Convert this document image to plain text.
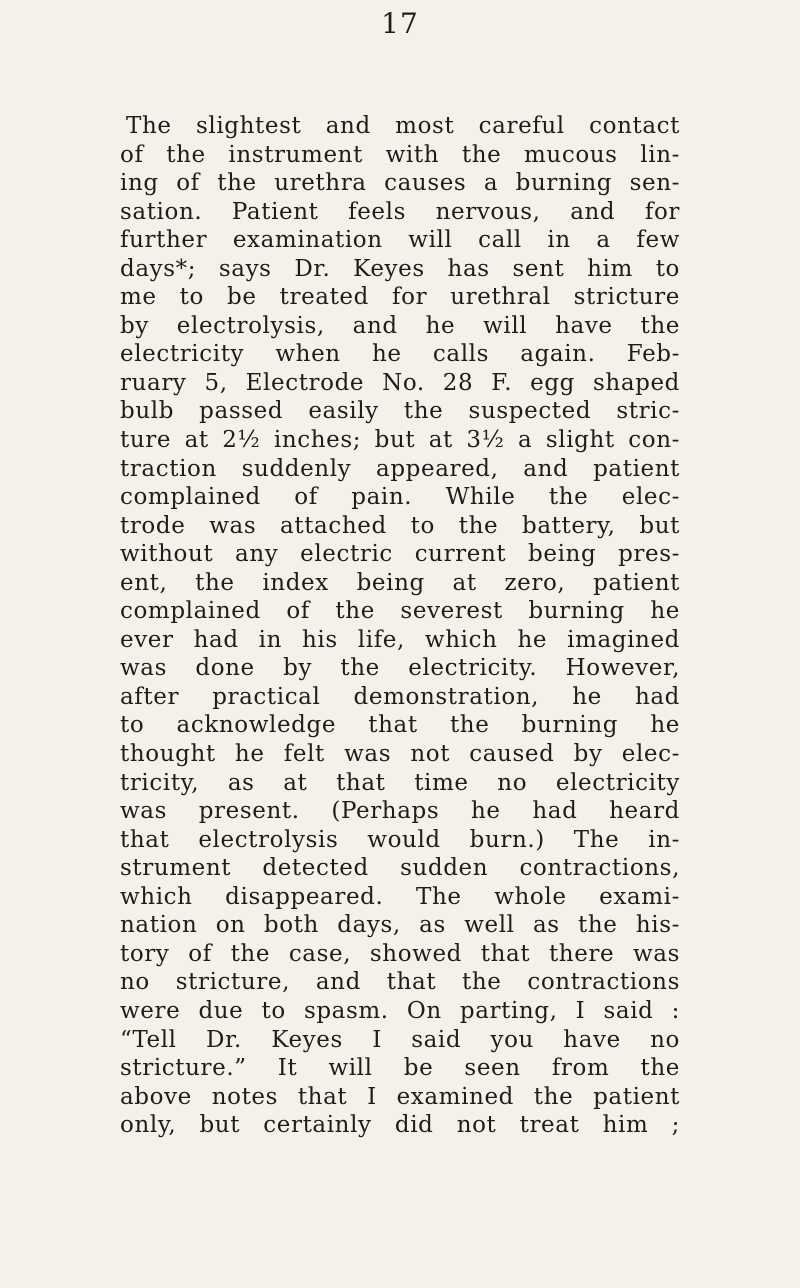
17
The slightest and most careful contact
of the instrument with the mucous lin-
ing of the urethra causes a burning sen-
sation. Patient feels nervous, and for
further examination will call in a few
days*; says Dr. Keyes has sent him to
me to be treated for urethral stricture
by electrolysis, and he will have the
electricity when he calls again. Feb-
ruary 5, Electrode No. 28 F. egg shaped
bulb passed easily the suspected stric-
ture at 2½ inches; but at 3½ a slight con-
traction suddenly appeared, and patient
complained of pain. While the elec-
trode was attached to the battery, but
without any electric current being pres-
ent, the index being at zero, patient
complained of the severest burning he
ever had in his life, which he imagined
was done by the electricity. However,
after practical demonstration, he had
to acknowledge that the burning he
thought he felt was not caused by elec-
tricity, as at that time no electricity
was present. (Perhaps he had heard
that electrolysis would burn.) The in-
strument detected sudden contractions,
which disappeared. The whole exami-
nation on both days, as well as the his-
tory of the case, showed that there was
no stricture, and that the contractions
were due to spasm. On parting, I said :
“Tell Dr. Keyes I said you have no
stricture.” It will be seen from the
above notes that I examined the patient
only, but certainly did not treat him ;
